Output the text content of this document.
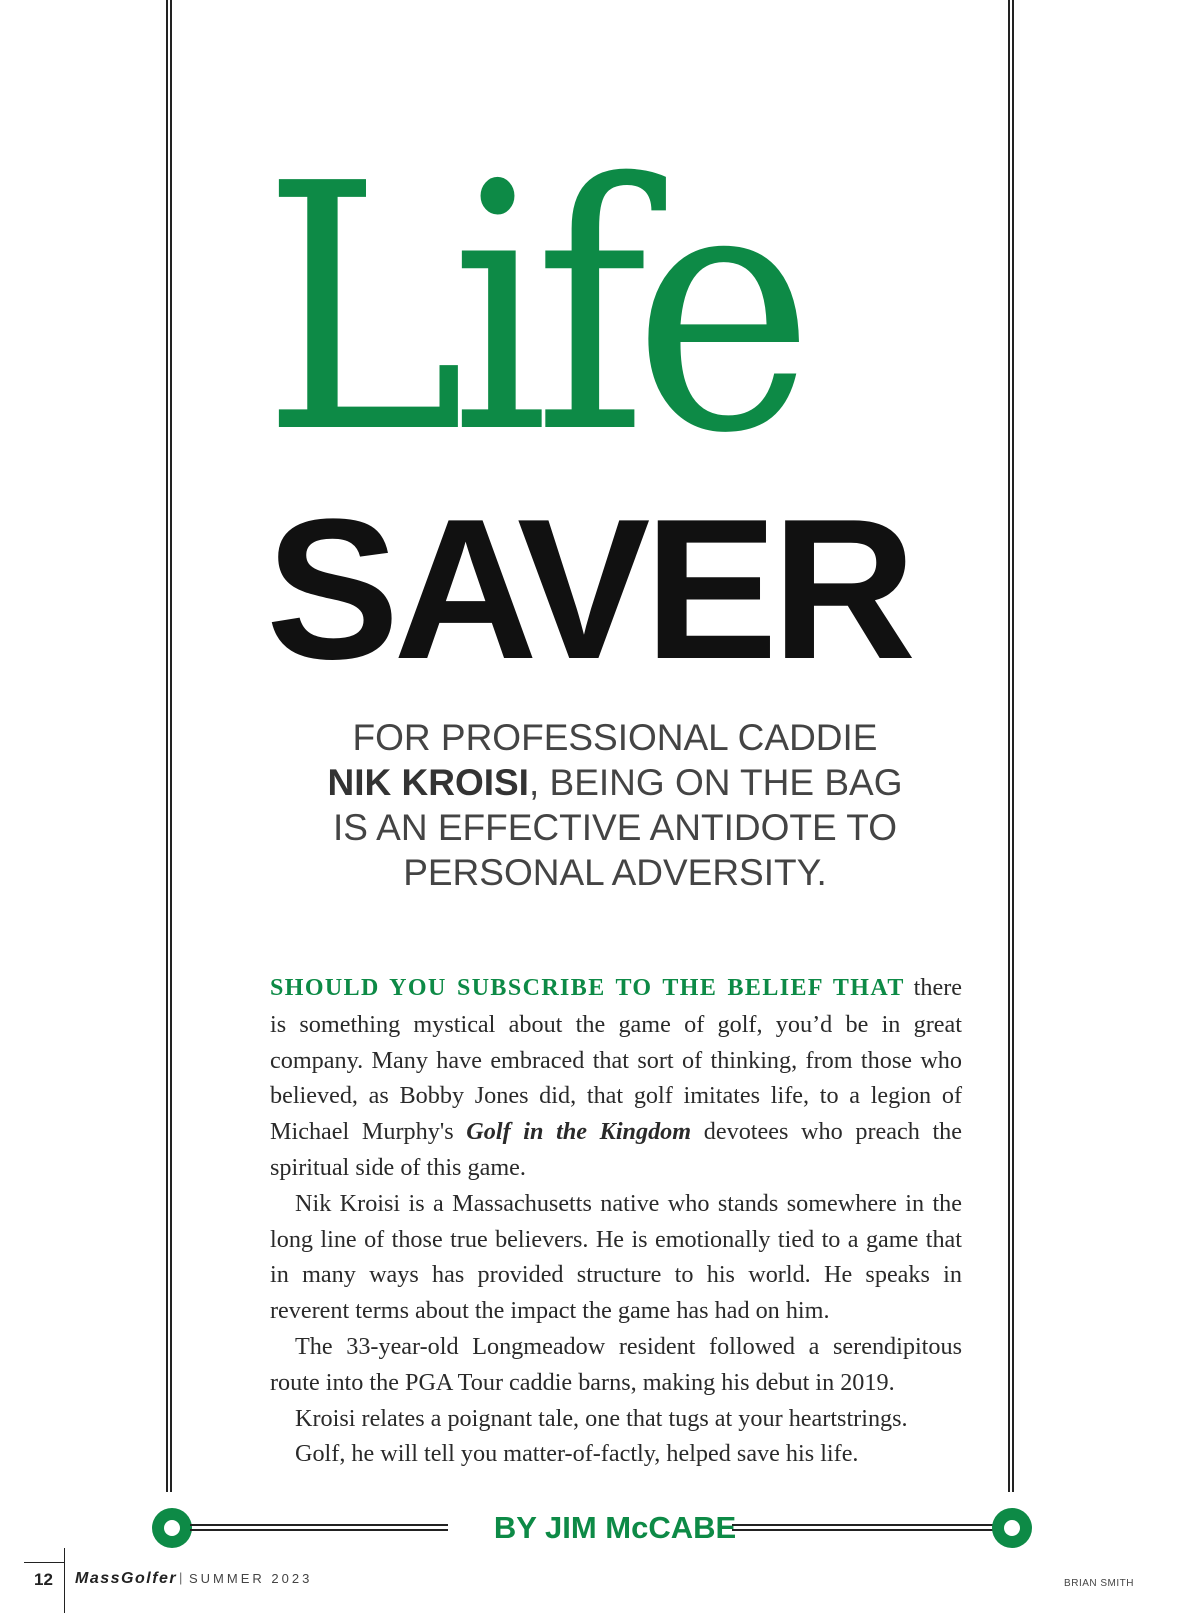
Life
SAVER
FOR PROFESSIONAL CADDIE
NIK KROISI, BEING ON THE BAG
IS AN EFFECTIVE ANTIDOTE TO
PERSONAL ADVERSITY.

SHOULD YOU SUBSCRIBE TO THE BELIEF THAT there is something mystical about the game of golf, you’d be in great company. Many have embraced that sort of thinking, from those who believed, as Bobby Jones did, that golf imitates life, to a legion of Michael Murphy's Golf in the Kingdom devotees who preach the spiritual side of this game.

Nik Kroisi is a Massachusetts native who stands somewhere in the long line of those true believers. He is emotionally tied to a game that in many ways has provided structure to his world. He speaks in reverent terms about the impact the game has had on him.

The 33-year-old Longmeadow resident followed a serendipitous route into the PGA Tour caddie barns, making his debut in 2019.

Kroisi relates a poignant tale, one that tugs at your heartstrings.

Golf, he will tell you matter-of-factly, helped save his life.

BY JIM McCABE

12 MassGolfer | SUMMER 2023	BRIAN SMITH
